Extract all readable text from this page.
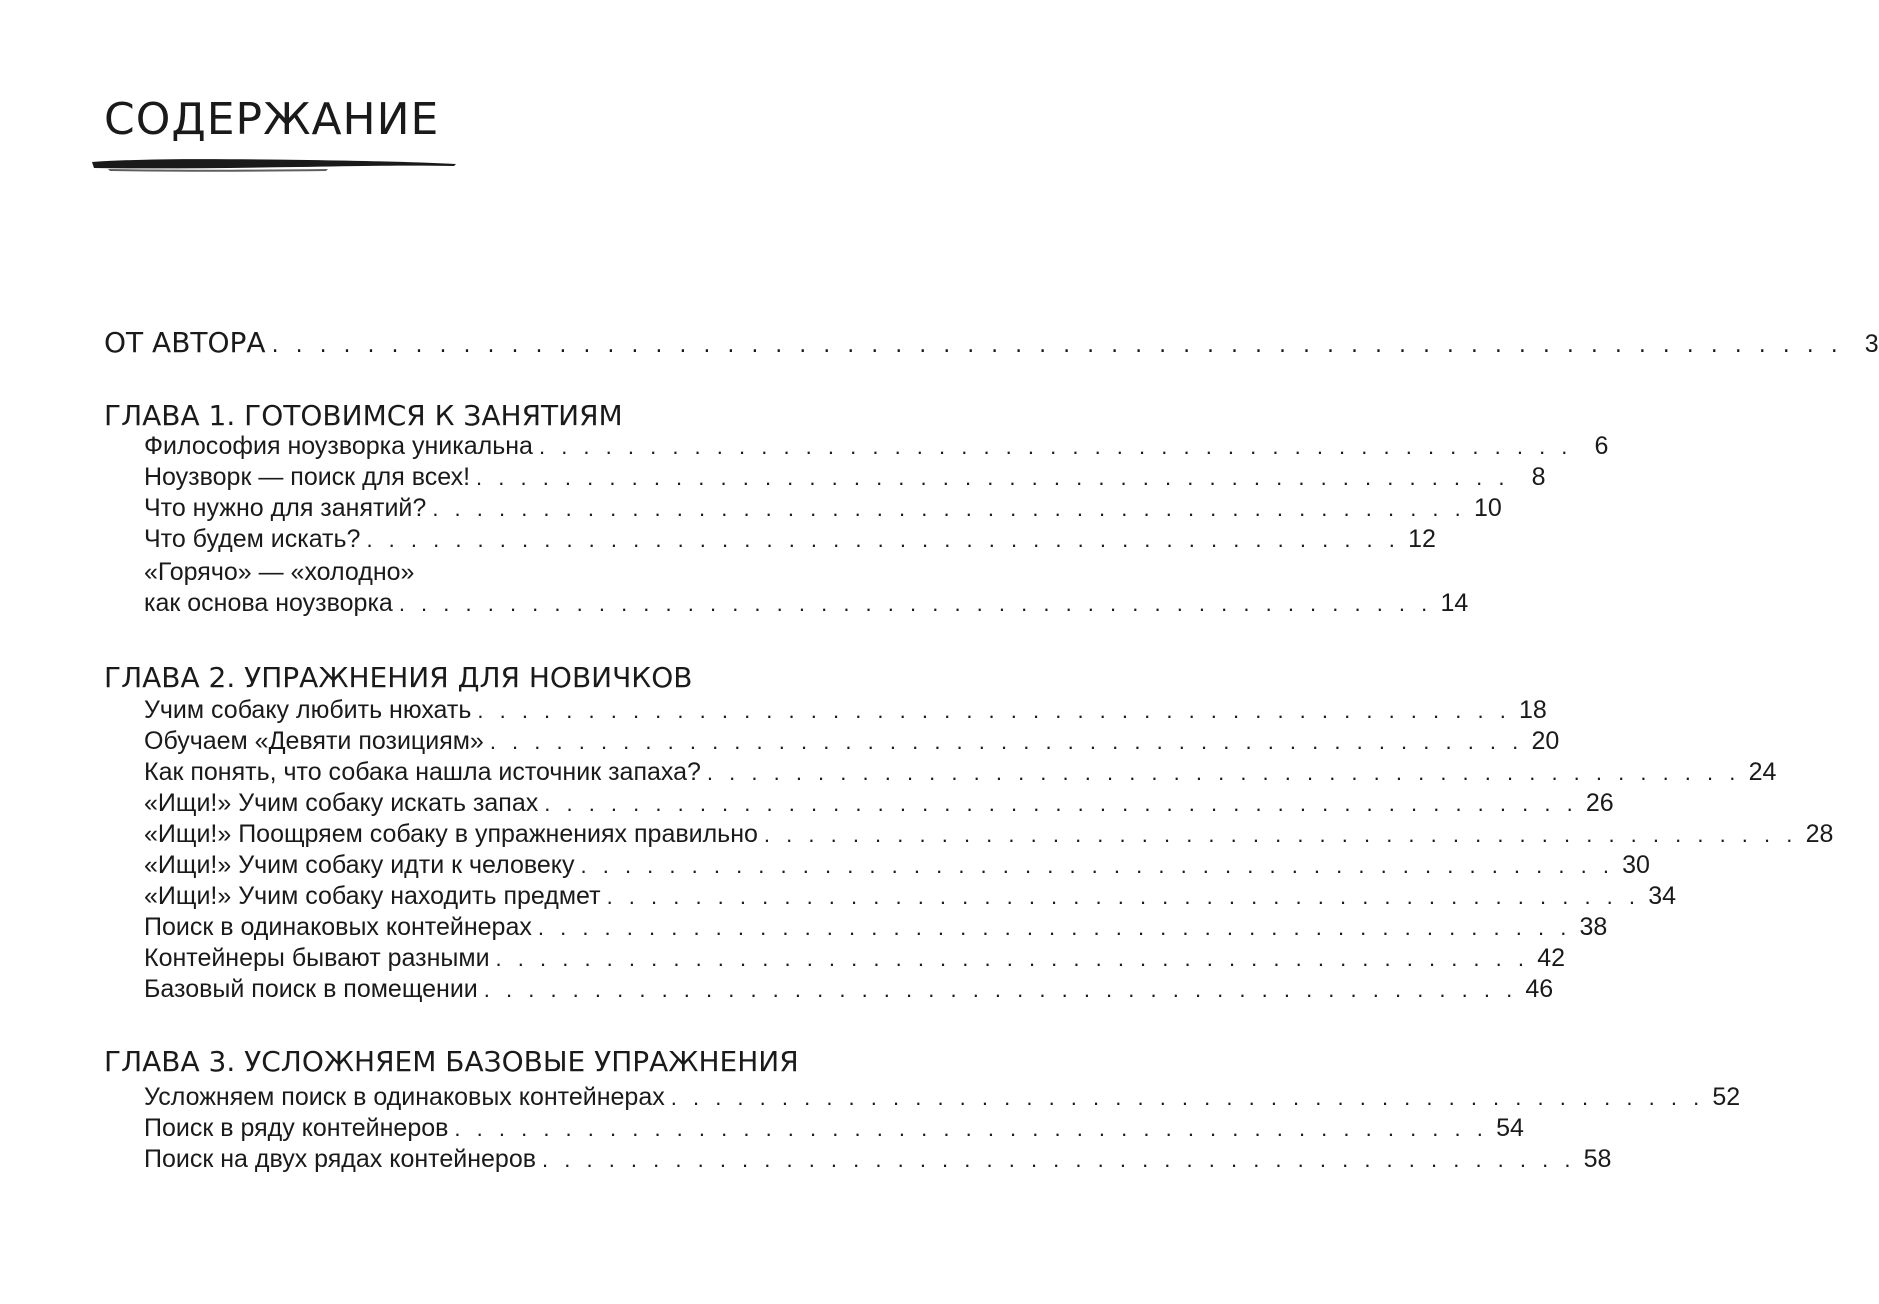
СОДЕРЖАНИЕ
ОТ АВТОРА . . . . . . . . . . . . . . . . . . . . . . . . . . . . . . . . . . . . . . . . . . . . . . . . . . . . . . . . . . . . . . . . . . 3
ГЛАВА 1. ГОТОВИМСЯ К ЗАНЯТИЯМ
Философия ноузворка уникальна . . . . . . . . . . . . . . . . . . . . . . . . . . . . . . . . . . . . . . . . . . . . . . . 6
Ноузворк — поиск для всех! . . . . . . . . . . . . . . . . . . . . . . . . . . . . . . . . . . . . . . . . . . . . . . . 8
Что нужно для занятий? . . . . . . . . . . . . . . . . . . . . . . . . . . . . . . . . . . . . . . . . . . . . . . . 10
Что будем искать? . . . . . . . . . . . . . . . . . . . . . . . . . . . . . . . . . . . . . . . . . . . . . . . 12
«Горячо» — «холодно»
как основа ноузворка . . . . . . . . . . . . . . . . . . . . . . . . . . . . . . . . . . . . . . . . . . . . . . . 14
ГЛАВА 2. УПРАЖНЕНИЯ ДЛЯ НОВИЧКОВ
Учим собаку любить нюхать . . . . . . . . . . . . . . . . . . . . . . . . . . . . . . . . . . . . . . . . . . . . . . . 18
Обучаем «Девяти позициям» . . . . . . . . . . . . . . . . . . . . . . . . . . . . . . . . . . . . . . . . . . . . . . . 20
Как понять, что собака нашла источник запаха? . . . . . . . . . . . . . . . . . . . . . . . . . . . . . . . . . . . . . . . . . . . . . . . 24
«Ищи!» Учим собаку искать запах . . . . . . . . . . . . . . . . . . . . . . . . . . . . . . . . . . . . . . . . . . . . . . . 26
«Ищи!» Поощряем собаку в упражнениях правильно . . . . . . . . . . . . . . . . . . . . . . . . . . . . . . . . . . . . . . . . . . . . . . . 28
«Ищи!» Учим собаку идти к человеку . . . . . . . . . . . . . . . . . . . . . . . . . . . . . . . . . . . . . . . . . . . . . . . 30
«Ищи!» Учим собаку находить предмет . . . . . . . . . . . . . . . . . . . . . . . . . . . . . . . . . . . . . . . . . . . . . . . 34
Поиск в одинаковых контейнерах . . . . . . . . . . . . . . . . . . . . . . . . . . . . . . . . . . . . . . . . . . . . . . . 38
Контейнеры бывают разными . . . . . . . . . . . . . . . . . . . . . . . . . . . . . . . . . . . . . . . . . . . . . . . 42
Базовый поиск в помещении . . . . . . . . . . . . . . . . . . . . . . . . . . . . . . . . . . . . . . . . . . . . . . . 46
ГЛАВА 3. УСЛОЖНЯЕМ БАЗОВЫЕ УПРАЖНЕНИЯ
Усложняем поиск в одинаковых контейнерах . . . . . . . . . . . . . . . . . . . . . . . . . . . . . . . . . . . . . . . . . . . . . . . 52
Поиск в ряду контейнеров . . . . . . . . . . . . . . . . . . . . . . . . . . . . . . . . . . . . . . . . . . . . . . . 54
Поиск на двух рядах контейнеров . . . . . . . . . . . . . . . . . . . . . . . . . . . . . . . . . . . . . . . . . . . . . . . 58
